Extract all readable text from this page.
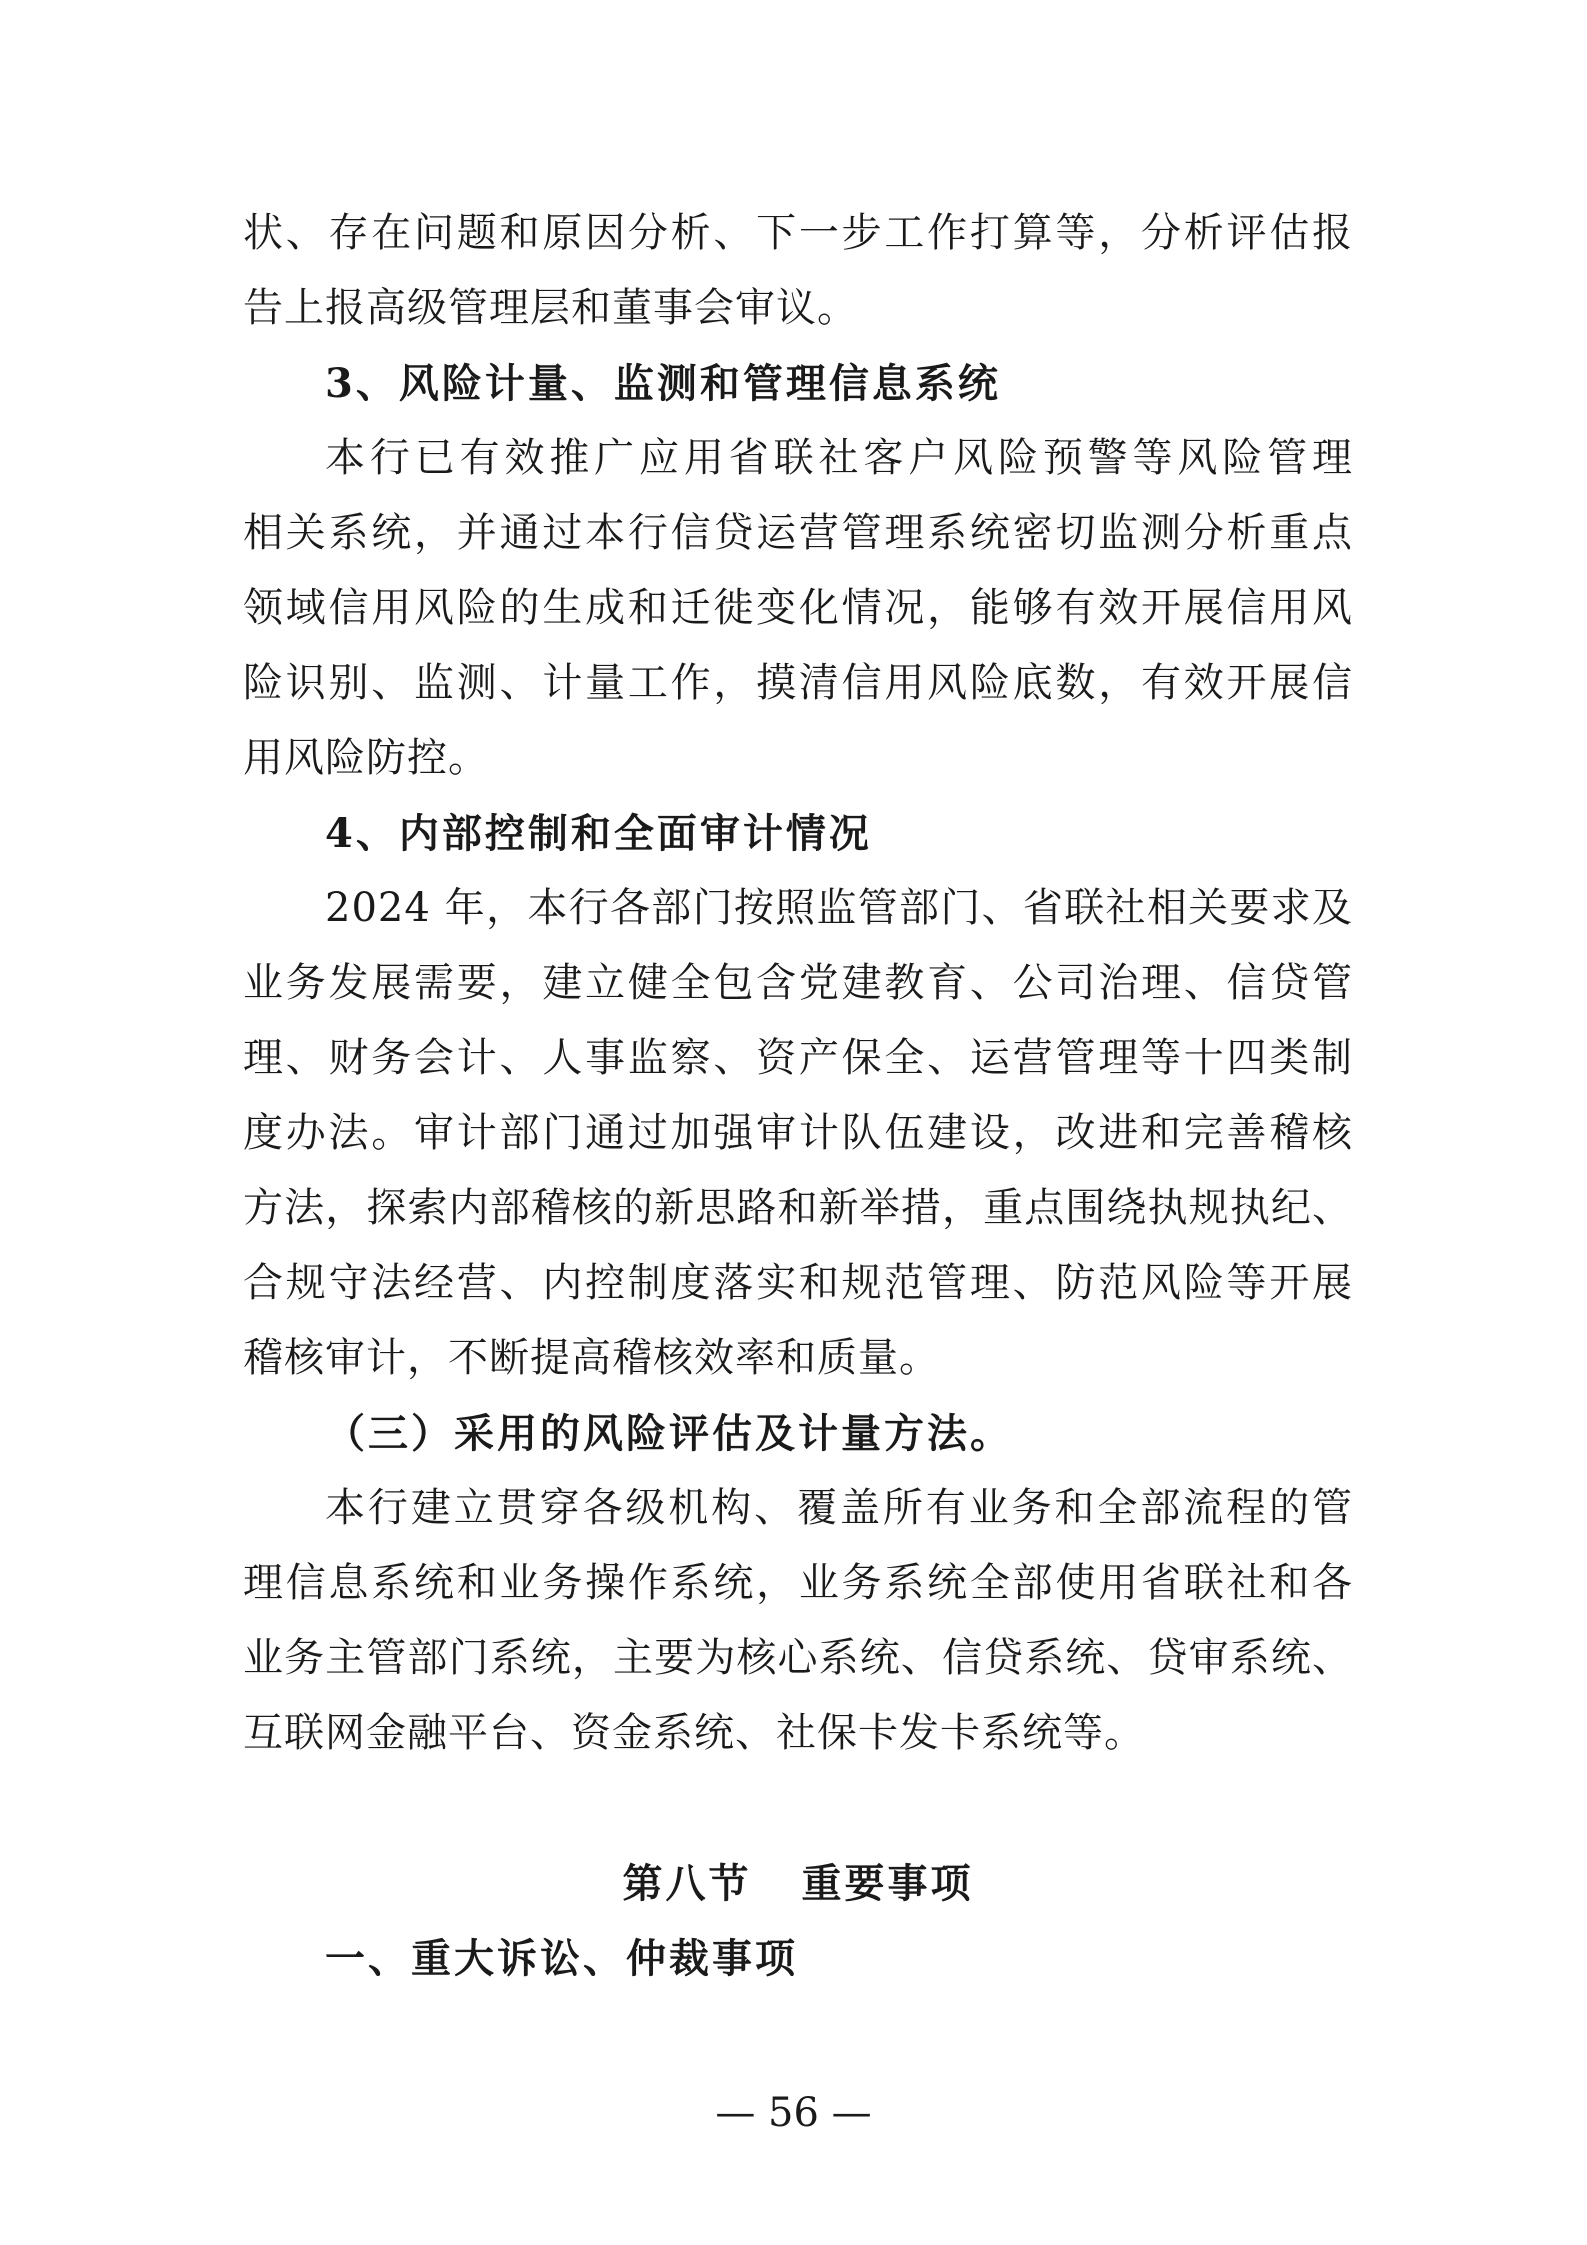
状、存在问题和原因分析、下一步工作打算等，分析评估报
告上报高级管理层和董事会审议。
3、风险计量、监测和管理信息系统
本行已有效推广应用省联社客户风险预警等风险管理
相关系统，并通过本行信贷运营管理系统密切监测分析重点
领域信用风险的生成和迁徙变化情况，能够有效开展信用风
险识别、监测、计量工作，摸清信用风险底数，有效开展信
用风险防控。
4、内部控制和全面审计情况
2024 年，本行各部门按照监管部门、省联社相关要求及
业务发展需要，建立健全包含党建教育、公司治理、信贷管
理、财务会计、人事监察、资产保全、运营管理等十四类制
度办法。审计部门通过加强审计队伍建设，改进和完善稽核
方法，探索内部稽核的新思路和新举措，重点围绕执规执纪、
合规守法经营、内控制度落实和规范管理、防范风险等开展
稽核审计，不断提高稽核效率和质量。
（三）采用的风险评估及计量方法。
本行建立贯穿各级机构、覆盖所有业务和全部流程的管
理信息系统和业务操作系统，业务系统全部使用省联社和各
业务主管部门系统，主要为核心系统、信贷系统、贷审系统、
互联网金融平台、资金系统、社保卡发卡系统等。
第八节 重要事项
一、重大诉讼、仲裁事项
— 56 —
